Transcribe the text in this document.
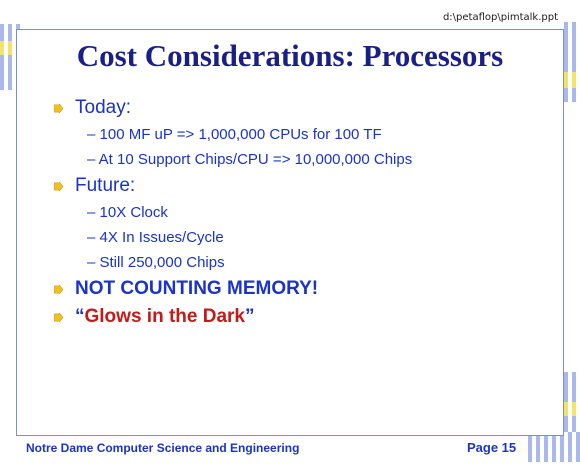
d:\petaflop\pimtalk.ppt
Cost Considerations: Processors
Today:
– 100 MF uP => 1,000,000 CPUs for 100 TF
– At 10 Support Chips/CPU => 10,000,000 Chips
Future:
– 10X Clock
– 4X In Issues/Cycle
– Still 250,000 Chips
NOT COUNTING MEMORY!
“Glows in the Dark”
Notre Dame Computer Science and Engineering	Page 15
